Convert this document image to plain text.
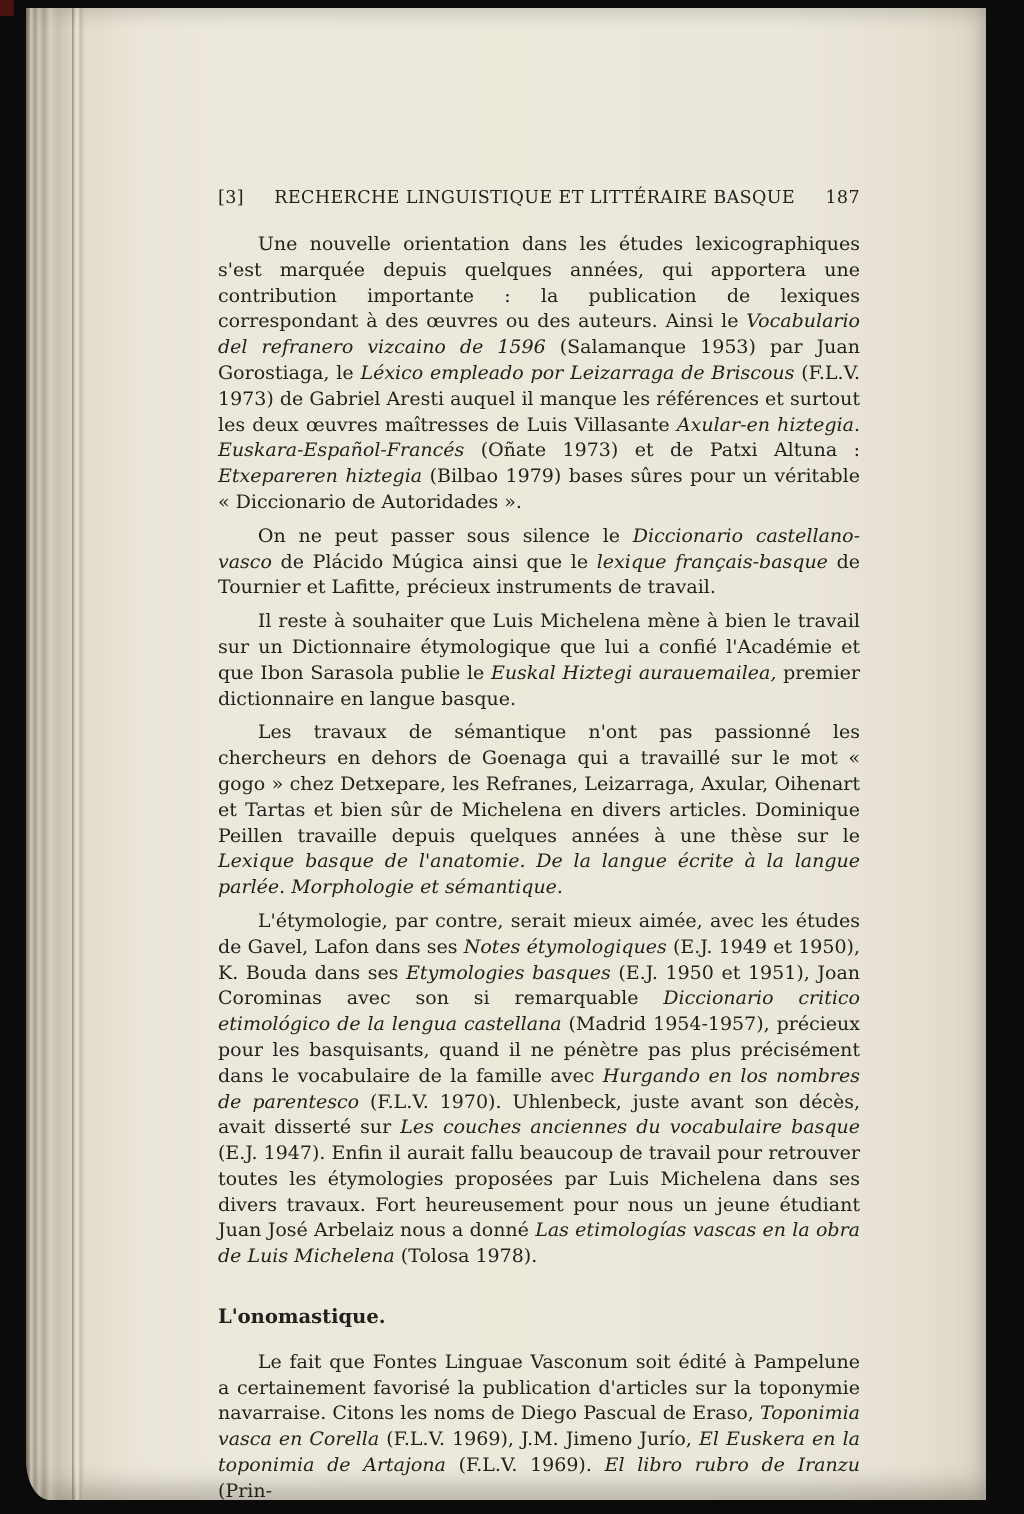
[3]	RECHERCHE LINGUISTIQUE ET LITTÉRAIRE BASQUE	187

Une nouvelle orientation dans les études lexicographiques s'est marquée depuis quelques années, qui apportera une contribution importante : la publication de lexiques correspondant à des œuvres ou des auteurs. Ainsi le Vocabulario del refranero vizcaino de 1596 (Salamanque 1953) par Juan Gorostiaga, le Léxico empleado por Leizarraga de Briscous (F.L.V. 1973) de Gabriel Aresti auquel il manque les références et surtout les deux œuvres maîtresses de Luis Villasante Axular-en hiztegia. Euskara-Español-Francés (Oñate 1973) et de Patxi Altuna : Etxepareren hiztegia (Bilbao 1979) bases sûres pour un véritable « Diccionario de Autoridades ».

On ne peut passer sous silence le Diccionario castellano-vasco de Plácido Múgica ainsi que le lexique français-basque de Tournier et Lafitte, précieux instruments de travail.

Il reste à souhaiter que Luis Michelena mène à bien le travail sur un Dictionnaire étymologique que lui a confié l'Académie et que Ibon Sarasola publie le Euskal Hiztegi aurauemailea, premier dictionnaire en langue basque.

Les travaux de sémantique n'ont pas passionné les chercheurs en dehors de Goenaga qui a travaillé sur le mot « gogo » chez Detxepare, les Refranes, Leizarraga, Axular, Oihenart et Tartas et bien sûr de Michelena en divers articles. Dominique Peillen travaille depuis quelques années à une thèse sur le Lexique basque de l'anatomie. De la langue écrite à la langue parlée. Morphologie et sémantique.

L'étymologie, par contre, serait mieux aimée, avec les études de Gavel, Lafon dans ses Notes étymologiques (E.J. 1949 et 1950), K. Bouda dans ses Etymologies basques (E.J. 1950 et 1951), Joan Corominas avec son si remarquable Diccionario critico etimológico de la lengua castellana (Madrid 1954-1957), précieux pour les basquisants, quand il ne pénètre pas plus précisément dans le vocabulaire de la famille avec Hurgando en los nombres de parentesco (F.L.V. 1970). Uhlenbeck, juste avant son décès, avait disserté sur Les couches anciennes du vocabulaire basque (E.J. 1947). Enfin il aurait fallu beaucoup de travail pour retrouver toutes les étymologies proposées par Luis Michelena dans ses divers travaux. Fort heureusement pour nous un jeune étudiant Juan José Arbelaiz nous a donné Las etimologías vascas en la obra de Luis Michelena (Tolosa 1978).

L'onomastique.

Le fait que Fontes Linguae Vasconum soit édité à Pampelune a certainement favorisé la publication d'articles sur la toponymie navarraise. Citons les noms de Diego Pascual de Eraso, Toponimia vasca en Corella (F.L.V. 1969), J.M. Jimeno Jurío, El Euskera en la toponimia de Artajona (F.L.V. 1969). El libro rubro de Iranzu (Prin-
